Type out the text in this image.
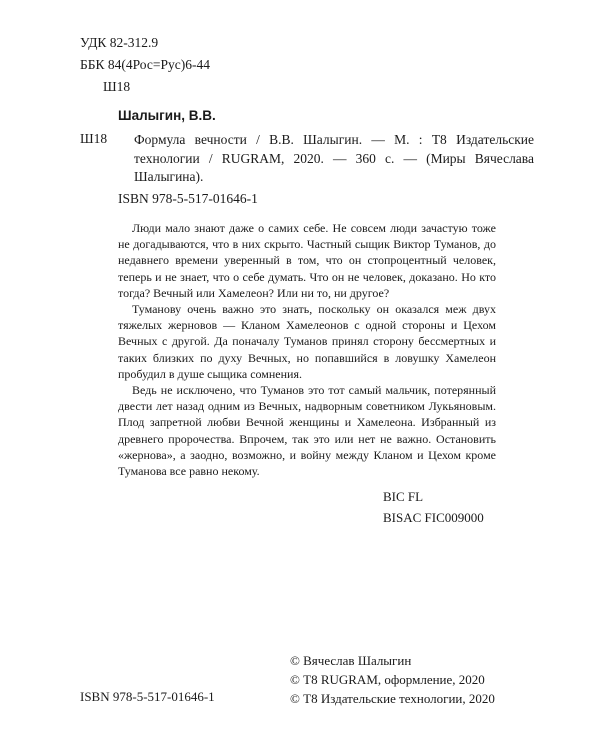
УДК 82-312.9
ББК 84(4Рос=Рус)6-44
Ш18
Шалыгин, В.В.
Ш18 Формула вечности / В.В. Шалыгин. — М. : Т8 Издательские технологии / RUGRAM, 2020. — 360 с. — (Миры Вячеслава Шалыгина).
ISBN 978-5-517-01646-1

Люди мало знают даже о самих себе. Не совсем люди зачастую тоже не догадываются, что в них скрыто. Частный сыщик Виктор Туманов, до недавнего времени уверенный в том, что он стопроцентный человек, теперь и не знает, что о себе думать. Что он не человек, доказано. Но кто тогда? Вечный или Хамелеон? Или ни то, ни другое?

Туманову очень важно это знать, поскольку он оказался меж двух тяжелых жерновов — Кланом Хамелеонов с одной стороны и Цехом Вечных с другой. Да поначалу Туманов принял сторону бессмертных и таких близких по духу Вечных, но попавшийся в ловушку Хамелеон пробудил в душе сыщика сомнения.

Ведь не исключено, что Туманов это тот самый мальчик, потерянный двести лет назад одним из Вечных, надворным советником Лукьяновым. Плод запретной любви Вечной женщины и Хамелеона. Избранный из древнего пророчества. Впрочем, так это или нет не важно. Остановить «жернова», а заодно, возможно, и войну между Кланом и Цехом кроме Туманова все равно некому.

BIC FL
BISAC FIC009000
© Вячеслав Шалыгин
© Т8 RUGRAM, оформление, 2020
© Т8 Издательские технологии, 2020
ISBN 978-5-517-01646-1
